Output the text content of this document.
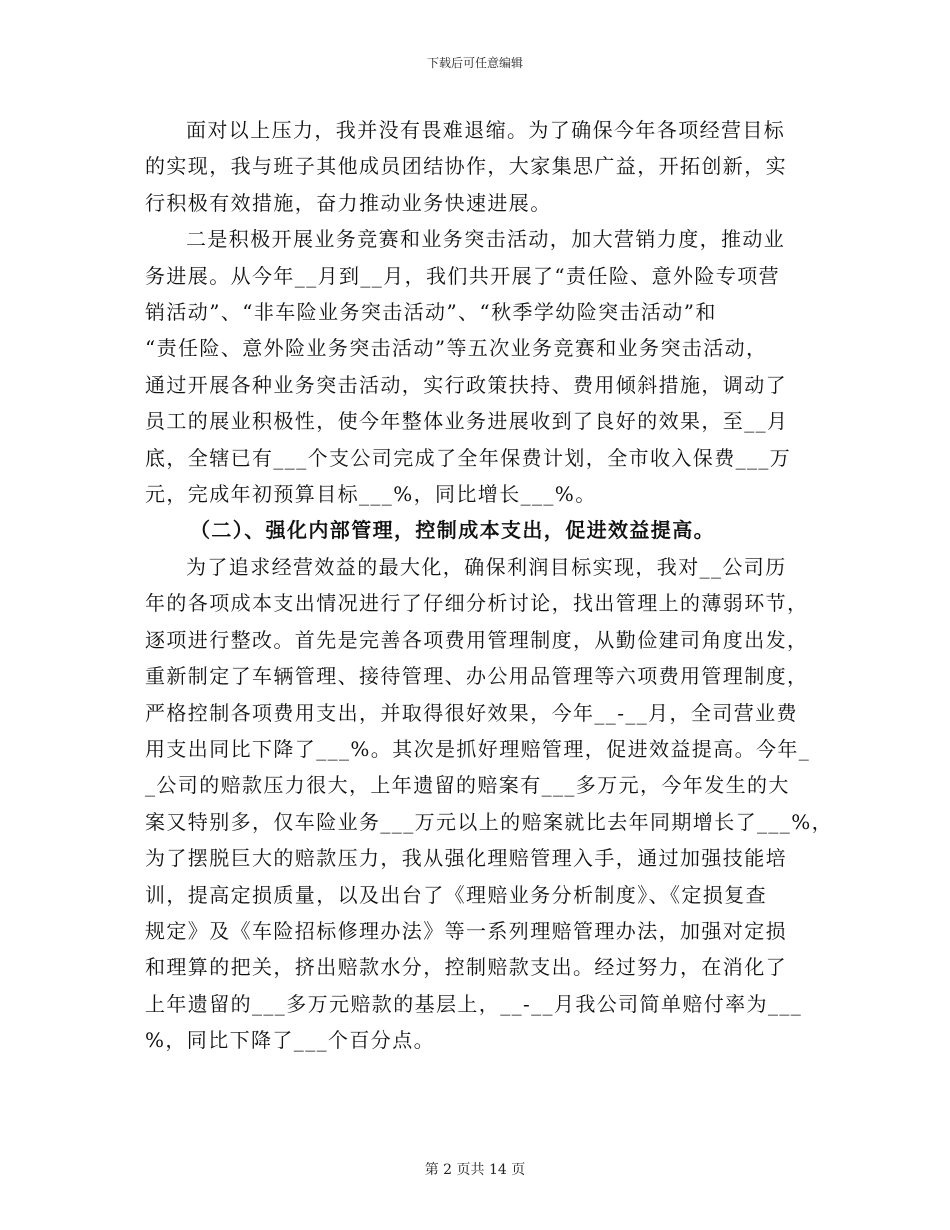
下载后可任意编辑

面对以上压力，我并没有畏难退缩。为了确保今年各项经营目标
的实现，我与班子其他成员团结协作，大家集思广益，开拓创新，实
行积极有效措施，奋力推动业务快速进展。

二是积极开展业务竞赛和业务突击活动，加大营销力度，推动业
务进展。从今年__月到__月，我们共开展了“责任险、意外险专项营
销活动”、“非车险业务突击活动”、“秋季学幼险突击活动”和
“责任险、意外险业务突击活动”等五次业务竞赛和业务突击活动，
通过开展各种业务突击活动，实行政策扶持、费用倾斜措施，调动了
员工的展业积极性，使今年整体业务进展收到了良好的效果，至__月
底，全辖已有___个支公司完成了全年保费计划，全市收入保费___万
元，完成年初预算目标___%，同比增长___%。

（二）、强化内部管理，控制成本支出，促进效益提高。

为了追求经营效益的最大化，确保利润目标实现，我对__公司历
年的各项成本支出情况进行了仔细分析讨论，找出管理上的薄弱环节，
逐项进行整改。首先是完善各项费用管理制度，从勤俭建司角度出发，
重新制定了车辆管理、接待管理、办公用品管理等六项费用管理制度，
严格控制各项费用支出，并取得很好效果，今年__-__月，全司营业费
用支出同比下降了___%。其次是抓好理赔管理，促进效益提高。今年_
_公司的赔款压力很大，上年遗留的赔案有___多万元，今年发生的大
案又特别多，仅车险业务___万元以上的赔案就比去年同期增长了___%，
为了摆脱巨大的赔款压力，我从强化理赔管理入手，通过加强技能培
训，提高定损质量，以及出台了《理赔业务分析制度》、《定损复查
规定》及《车险招标修理办法》等一系列理赔管理办法，加强对定损
和理算的把关，挤出赔款水分，控制赔款支出。经过努力，在消化了
上年遗留的___多万元赔款的基层上，__-__月我公司简单赔付率为___
%，同比下降了___个百分点。

第 2 页共 14 页
